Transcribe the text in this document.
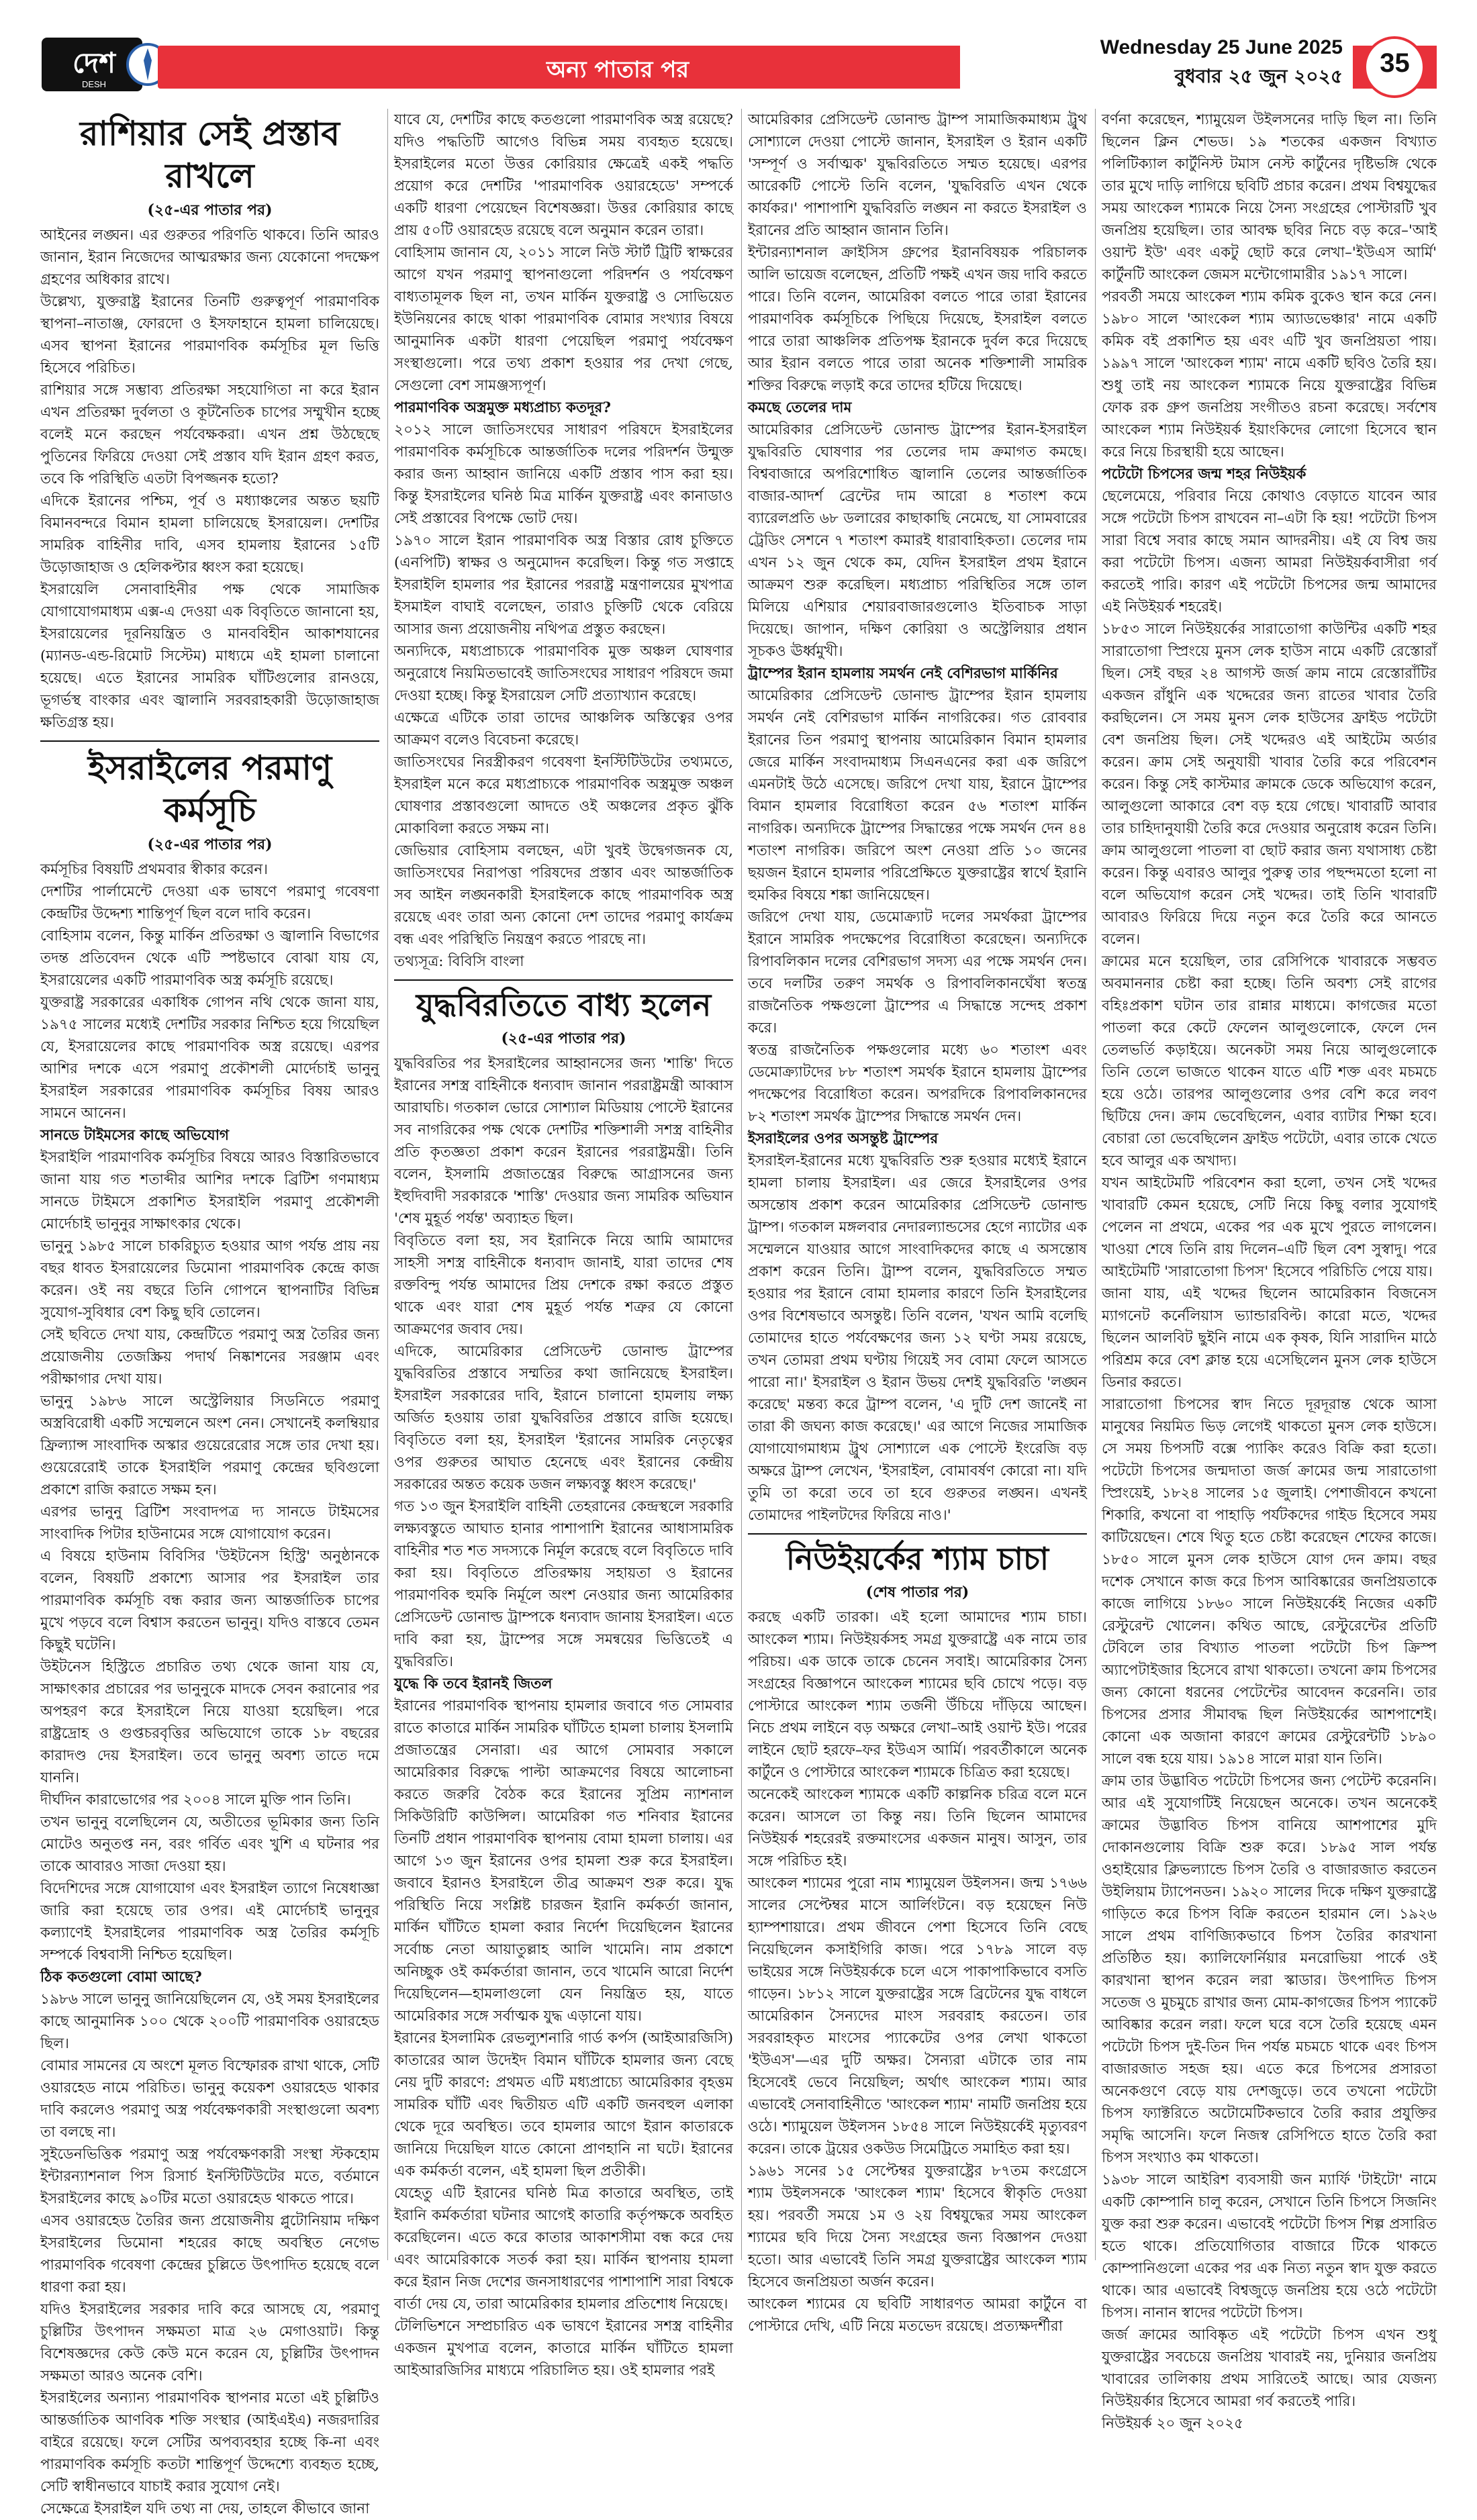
দেশ
DESH
অন্য পাতার পর
Wednesday 25 June 2025
বুধবার ২৫ জুন ২০২৫	35
রাশিয়ার সেই প্রস্তাব রাখলে
(২৫-এর পাতার পর)

আইনের লঙ্ঘন। এর গুরুতর পরিণতি থাকবে। তিনি আরও জানান, ইরান নিজেদের আত্মরক্ষার জন্য যেকোনো পদক্ষেপ গ্রহণের অধিকার রাখে।

উল্লেখ্য, যুক্তরাষ্ট্র ইরানের তিনটি গুরুত্বপূর্ণ পারমাণবিক স্থাপনা–নাতাঞ্জ, ফোরদো ও ইসফাহানে হামলা চালিয়েছে। এসব স্থাপনা ইরানের পারমাণবিক কর্মসূচির মূল ভিত্তি হিসেবে পরিচিত।

রাশিয়ার সঙ্গে সম্ভাব্য প্রতিরক্ষা সহযোগিতা না করে ইরান এখন প্রতিরক্ষা দুর্বলতা ও কূটনৈতিক চাপের সম্মুখীন হচ্ছে বলেই মনে করছেন পর্যবেক্ষকরা। এখন প্রশ্ন উঠছেছে পুতিনের ফিরিয়ে দেওয়া সেই প্রস্তাব যদি ইরান গ্রহণ করত, তবে কি পরিস্থিতি এতটা বিপজ্জনক হতো?

এদিকে ইরানের পশ্চিম, পূর্ব ও মধ্যাঞ্চলের অন্তত ছয়টি বিমানবন্দরে বিমান হামলা চালিয়েছে ইসরায়েল। দেশটির সামরিক বাহিনীর দাবি, এসব হামলায় ইরানের ১৫টি উড়োজাহাজ ও হেলিকপ্টার ধ্বংস করা হয়েছে।

ইসরায়েলি সেনাবাহিনীর পক্ষ থেকে সামাজিক যোগাযোগমাধ্যম এক্স-এ দেওয়া এক বিবৃতিতে জানানো হয়, ইসরায়েলের দূরনিয়ন্ত্রিত ও মানববিহীন আকাশযানের (ম্যানড-এন্ড-রিমোট সিস্টেম) মাধ্যমে এই হামলা চালানো হয়েছে। এতে ইরানের সামরিক ঘাঁটিগুলোর রানওয়ে, ভূগর্ভস্থ বাংকার এবং জ্বালানি সরবরাহকারী উড়োজাহাজ ক্ষতিগ্রস্ত হয়।

ইসরাইলের পরমাণু কর্মসূচি
(২৫-এর পাতার পর)

কর্মসূচির বিষয়টি প্রথমবার স্বীকার করেন।

দেশটির পার্লামেন্টে দেওয়া এক ভাষণে পরমাণু গবেষণা কেন্দ্রটির উদ্দেশ্য শান্তিপূর্ণ ছিল বলে দাবি করেন।

বোহিসাম বলেন, কিন্তু মার্কিন প্রতিরক্ষা ও জ্বালানি বিভাগের তদন্ত প্রতিবেদন থেকে এটি স্পষ্টভাবে বোঝা যায় যে, ইসরায়েলের একটি পারমাণবিক অস্ত্র কর্মসূচি রয়েছে।

যুক্তরাষ্ট্র সরকারের একাধিক গোপন নথি থেকে জানা যায়, ১৯৭৫ সালের মধ্যেই দেশটির সরকার নিশ্চিত হয়ে গিয়েছিল যে, ইসরায়েলের কাছে পারমাণবিক অস্ত্র রয়েছে। এরপর আশির দশকে এসে পরমাণু প্রকৌশলী মোর্দেচাই ভানুনু ইসরাইল সরকারের পারমাণবিক কর্মসূচির বিষয় আরও সামনে আনেন।

সানডে টাইমসের কাছে অভিযোগ

ইসরাইলি পারমাণবিক কর্মসূচির বিষয়ে আরও বিস্তারিতভাবে জানা যায় গত শতাব্দীর আশির দশকে ব্রিটিশ গণমাধ্যম সানডে টাইমসে প্রকাশিত ইসরাইলি পরমাণু প্রকৌশলী মোর্দেচাই ভানুনুর সাক্ষাৎকার থেকে।

ভানুনু ১৯৮৫ সালে চাকরিচ্যুত হওয়ার আগ পর্যন্ত প্রায় নয় বছর ধাবত ইসরায়েলের ডিমোনা পারমাণবিক কেন্দ্রে কাজ করেন। ওই নয় বছরে তিনি গোপনে স্থাপনাটির বিভিন্ন সুযোগ-সুবিধার বেশ কিছু ছবি তোলেন।

সেই ছবিতে দেখা যায়, কেন্দ্রটিতে পরমাণু অস্ত্র তৈরির জন্য প্রয়োজনীয় তেজস্ক্রিয় পদার্থ নিষ্কাশনের সরঞ্জাম এবং পরীক্ষাগার দেখা যায়।

ভানুনু ১৯৮৬ সালে অস্ট্রেলিয়ার সিডনিতে পরমাণু অস্ত্রবিরোধী একটি সম্মেলনে অংশ নেন। সেখানেই কলম্বিয়ার ফ্রিল্যান্স সাংবাদিক অস্কার গুয়েরেরোর সঙ্গে তার দেখা হয়। গুয়েরেরোই তাকে ইসরাইলি পরমাণু কেন্দ্রের ছবিগুলো প্রকাশে রাজি করাতে সক্ষম হন।

এরপর ভানুনু ব্রিটিশ সংবাদপত্র দ্য সানডে টাইমসের সাংবাদিক পিটার হাউনামের সঙ্গে যোগাযোগ করেন।

এ বিষয়ে হাউনাম বিবিসির 'উইটনেস হিস্ট্রি' অনুষ্ঠানকে বলেন, বিষয়টি প্রকাশ্যে আসার পর ইসরাইল তার পারমাণবিক কর্মসূচি বন্ধ করার জন্য আন্তর্জাতিক চাপের মুখে পড়বে বলে বিশ্বাস করতেন ভানুনু। যদিও বাস্তবে তেমন কিছুই ঘটেনি।

উইটনেস হিস্ট্রিতে প্রচারিত তথ্য থেকে জানা যায় যে, সাক্ষাৎকার প্রচারের পর ভানুনুকে মাদকে সেবন করানোর পর অপহরণ করে ইসরাইলে নিয়ে যাওয়া হয়েছিল। পরে রাষ্ট্রদ্রোহ ও গুপ্তচরবৃত্তির অভিযোগে তাকে ১৮ বছরের কারাদণ্ড দেয় ইসরাইল। তবে ভানুনু অবশ্য তাতে দমে যাননি।

দীর্ঘদিন কারাভোগের পর ২০০৪ সালে মুক্তি পান তিনি।

তখন ভানুনু বলেছিলেন যে, অতীতের ভূমিকার জন্য তিনি মোটেও অনুতপ্ত নন, বরং গর্বিত এবং খুশি এ ঘটনার পর তাকে আবারও সাজা দেওয়া হয়।

বিদেশিদের সঙ্গে যোগাযোগ এবং ইসরাইল ত্যাগে নিষেধাজ্ঞা জারি করা হয়েছে তার ওপর। এই মোর্দেচাই ভানুনুর কল্যাণেই ইসরাইলের পারমাণবিক অস্ত্র তৈরির কর্মসূচি সম্পর্কে বিশ্ববাসী নিশ্চিত হয়েছিল।

ঠিক কতগুলো বোমা আছে?

১৯৮৬ সালে ভানুনু জানিয়েছিলেন যে, ওই সময় ইসরাইলের কাছে আনুমানিক ১০০ থেকে ২০০টি পারমাণবিক ওয়ারহেড ছিল।

বোমার সামনের যে অংশে মূলত বিস্ফোরক রাখা থাকে, সেটি ওয়ারহেড নামে পরিচিত। ভানুনু কয়েকশ ওয়ারহেড থাকার দাবি করলেও পরমাণু অস্ত্র পর্যবেক্ষণকারী সংস্থাগুলো অবশ্য তা বলছে না।

সুইডেনভিত্তিক পরমাণু অস্ত্র পর্যবেক্ষণকারী সংস্থা স্টকহোম ইন্টারন্যাশনাল পিস রিসার্চ ইনস্টিটিউটের মতে, বর্তমানে ইসরাইলের কাছে ৯০টির মতো ওয়ারহেড থাকতে পারে।

এসব ওয়ারহেড তৈরির জন্য প্রয়োজনীয় প্লুটোনিয়াম দক্ষিণ ইসরাইলের ডিমোনা শহরের কাছে অবস্থিত নেগেভ পারমাণবিক গবেষণা কেন্দ্রের চুল্লিতে উৎপাদিত হয়েছে বলে ধারণা করা হয়।

যদিও ইসরাইলের সরকার দাবি করে আসছে যে, পরমাণু চুল্লিটির উৎপাদন সক্ষমতা মাত্র ২৬ মেগাওয়াট। কিন্তু বিশেষজ্ঞদের কেউ কেউ মনে করেন যে, চুল্লিটির উৎপাদন সক্ষমতা আরও অনেক বেশি।

ইসরাইলের অন্যান্য পারমাণবিক স্থাপনার মতো এই চুল্লিটিও আন্তর্জাতিক আণবিক শক্তি সংস্থার (আইএইএ) নজরদারির বাইরে রয়েছে। ফলে সেটির অপব্যবহার হচ্ছে কি-না এবং পারমাণবিক কর্মসূচি কতটা শান্তিপূর্ণ উদ্দেশ্যে ব্যবহৃত হচ্ছে, সেটি স্বাধীনভাবে যাচাই করার সুযোগ নেই।

সেক্ষেত্রে ইসরাইল যদি তথ্য না দেয়, তাহলে কীভাবে জানা

যাবে যে, দেশটির কাছে কতগুলো পারমাণবিক অস্ত্র রয়েছে? যদিও পদ্ধতিটি আগেও বিভিন্ন সময় ব্যবহৃত হয়েছে। ইসরাইলের মতো উত্তর কোরিয়ার ক্ষেত্রেই একই পদ্ধতি প্রয়োগ করে দেশটির 'পারমাণবিক ওয়ারহেডে' সম্পর্কে একটি ধারণা পেয়েছেন বিশেষজ্ঞরা। উত্তর কোরিয়ার কাছে প্রায় ৫০টি ওয়ারহেড রয়েছে বলে অনুমান করেন তারা।

বোহিসাম জানান যে, ২০১১ সালে নিউ স্টার্ট ট্রিটি স্বাক্ষরের আগে যখন পরমাণু স্থাপনাগুলো পরিদর্শন ও পর্যবেক্ষণ বাধ্যতামূলক ছিল না, তখন মার্কিন যুক্তরাষ্ট্র ও সোভিয়েত ইউনিয়নের কাছে থাকা পারমাণবিক বোমার সংখ্যার বিষয়ে আনুমানিক একটা ধারণা পেয়েছিল পরমাণু পর্যবেক্ষণ সংস্থাগুলো। পরে তথ্য প্রকাশ হওয়ার পর দেখা গেছে, সেগুলো বেশ সামঞ্জস্যপূর্ণ।

পারমাণবিক অস্ত্রমুক্ত মধ্যপ্রাচ্য কতদূর?

২০১২ সালে জাতিসংঘের সাধারণ পরিষদে ইসরাইলের পারমাণবিক কর্মসূচিকে আন্তর্জাতিক দলের পরিদর্শন উন্মুক্ত করার জন্য আহ্বান জানিয়ে একটি প্রস্তাব পাস করা হয়। কিন্তু ইসরাইলের ঘনিষ্ঠ মিত্র মার্কিন যুক্তরাষ্ট্র এবং কানাডাও সেই প্রস্তাবের বিপক্ষে ভোট দেয়।

১৯৭০ সালে ইরান পারমাণবিক অস্ত্র বিস্তার রোধ চুক্তিতে (এনপিটি) স্বাক্ষর ও অনুমোদন করেছিল। কিন্তু গত সপ্তাহে ইসরাইলি হামলার পর ইরানের পররাষ্ট্র মন্ত্রণালয়ের মুখপাত্র ইসমাইল বাঘাই বলেছেন, তারাও চুক্তিটি থেকে বেরিয়ে আসার জন্য প্রয়োজনীয় নথিপত্র প্রস্তুত করছেন।

অন্যদিকে, মধ্যপ্রাচ্যকে পারমাণবিক মুক্ত অঞ্চল ঘোষণার অনুরোধে নিয়মিতভাবেই জাতিসংঘের সাধারণ পরিষদে জমা দেওয়া হচ্ছে। কিন্তু ইসরায়েল সেটি প্রত্যাখ্যান করেছে।

এক্ষেত্রে এটিকে তারা তাদের আঞ্চলিক অস্তিত্বের ওপর আক্রমণ বলেও বিবেচনা করেছে।

জাতিসংঘের নিরস্ত্রীকরণ গবেষণা ইনস্টিটিউটের তথ্যমতে, ইসরাইল মনে করে মধ্যপ্রাচ্যকে পারমাণবিক অস্ত্রমুক্ত অঞ্চল ঘোষণার প্রস্তাবগুলো আদতে ওই অঞ্চলের প্রকৃত ঝুঁকি মোকাবিলা করতে সক্ষম না।

জেভিয়ার বোহিসাম বলছেন, এটা খুবই উদ্বেগজনক যে, জাতিসংঘের নিরাপত্তা পরিষদের প্রস্তাব এবং আন্তর্জাতিক সব আইন লঙ্ঘনকারী ইসরাইলকে কাছে পারমাণবিক অস্ত্র রয়েছে এবং তারা অন্য কোনো দেশ তাদের পরমাণু কার্যক্রম বন্ধ এবং পরিস্থিতি নিয়ন্ত্রণ করতে পারছে না।

তথ্যসূত্র: বিবিসি বাংলা

যুদ্ধবিরতিতে বাধ্য হলেন
(২৫-এর পাতার পর)

যুদ্ধবিরতির পর ইসরাইলের আহ্বানসের জন্য 'শান্তি' দিতে ইরানের সশস্ত্র বাহিনীকে ধন্যবাদ জানান পররাষ্ট্রমন্ত্রী আব্বাস আরাঘচি। গতকাল ভোরে সোশ্যাল মিডিয়ায় পোস্টে ইরানের সব নাগরিকের পক্ষ থেকে দেশটির শক্তিশালী সশস্ত্র বাহিনীর প্রতি কৃতজ্ঞতা প্রকাশ করেন ইরানের পররাষ্ট্রমন্ত্রী। তিনি বলেন, ইসলামি প্রজাতন্ত্রের বিরুদ্ধে আগ্রাসনের জন্য ইহুদিবাদী সরকারকে 'শাস্তি' দেওয়ার জন্য সামরিক অভিযান 'শেষ মুহূর্ত পর্যন্ত' অব্যাহত ছিল।

বিবৃতিতে বলা হয়, সব ইরানিকে নিয়ে আমি আমাদের সাহসী সশস্ত্র বাহিনীকে ধন্যবাদ জানাই, যারা তাদের শেষ রক্তবিন্দু পর্যন্ত আমাদের প্রিয় দেশকে রক্ষা করতে প্রস্তুত থাকে এবং যারা শেষ মুহূর্ত পর্যন্ত শত্রুর যে কোনো আক্রমণের জবাব দেয়।

এদিকে, আমেরিকার প্রেসিডেন্ট ডোনাল্ড ট্রাম্পের যুদ্ধবিরতির প্রস্তাবে সম্মতির কথা জানিয়েছে ইসরাইল। ইসরাইল সরকারের দাবি, ইরানে চালানো হামলায় লক্ষ্য অর্জিত হওয়ায় তারা যুদ্ধবিরতির প্রস্তাবে রাজি হয়েছে। বিবৃতিতে বলা হয়, ইসরাইল 'ইরানের সামরিক নেতৃত্বের ওপর গুরুতর আঘাত হেনেছে এবং ইরানের কেন্দ্রীয় সরকারের অন্তত কয়েক ডজন লক্ষ্যবস্তু ধ্বংস করেছে।'

গত ১৩ জুন ইসরাইলি বাহিনী তেহরানের কেন্দ্রস্থলে সরকারি লক্ষ্যবস্তুতে আঘাত হানার পাশাপাশি ইরানের আধাসামরিক বাহিনীর শত শত সদস্যকে নির্মূল করেছে বলে বিবৃতিতে দাবি করা হয়। বিবৃতিতে প্রতিরক্ষায় সহায়তা ও ইরানের পারমাণবিক হুমকি নির্মূলে অংশ নেওয়ার জন্য আমেরিকার প্রেসিডেন্ট ডোনাল্ড ট্রাম্পকে ধন্যবাদ জানায় ইসরাইল। এতে দাবি করা হয়, ট্রাম্পের সঙ্গে সমন্বয়ের ভিত্তিতেই এ যুদ্ধবিরতি।

যুদ্ধে কি তবে ইরানই জিতল

ইরানের পারমাণবিক স্থাপনায় হামলার জবাবে গত সোমবার রাতে কাতারে মার্কিন সামরিক ঘাঁটিতে হামলা চালায় ইসলামি প্রজাতন্ত্রের সেনারা। এর আগে সোমবার সকালে আমেরিকার বিরুদ্ধে পাল্টা আক্রমণের বিষয়ে আলোচনা করতে জরুরি বৈঠক করে ইরানের সুপ্রিম ন্যাশনাল সিকিউরিটি কাউন্সিল। আমেরিকা গত শনিবার ইরানের তিনটি প্রধান পারমাণবিক স্থাপনায় বোমা হামলা চালায়। এর আগে ১৩ জুন ইরানের ওপর হামলা শুরু করে ইসরাইল। জবাবে ইরানও ইসরাইলে তীব্র আক্রমণ শুরু করে। যুদ্ধ পরিস্থিতি নিয়ে সংশ্লিষ্ট চারজন ইরানি কর্মকর্তা জানান, মার্কিন ঘাঁটিতে হামলা করার নির্দেশ দিয়েছিলেন ইরানের সর্বোচ্চ নেতা আয়াতুল্লাহ আলি খামেনি। নাম প্রকাশে অনিচ্ছুক ওই কর্মকর্তারা জানান, তবে খামেনি আরো নির্দেশ দিয়েছিলেন—হামলাগুলো যেন নিয়ন্ত্রিত হয়, যাতে আমেরিকার সঙ্গে সর্বাত্মক যুদ্ধ এড়ানো যায়।

ইরানের ইসলামিক রেভল্যুশনারি গার্ড কর্পস (আইআরজিসি) কাতারের আল উদেইদ বিমান ঘাঁটিকে হামলার জন্য বেছে নেয় দুটি কারণে: প্রথমত এটি মধ্যপ্রাচ্যে আমেরিকার বৃহত্তম সামরিক ঘাঁটি এবং দ্বিতীয়ত এটি একটি জনবহুল এলাকা থেকে দূরে অবস্থিত। তবে হামলার আগে ইরান কাতারকে জানিয়ে দিয়েছিল যাতে কোনো প্রাণহানি না ঘটে। ইরানের এক কর্মকর্তা বলেন, এই হামলা ছিল প্রতীকী।

যেহেতু এটি ইরানের ঘনিষ্ঠ মিত্র কাতারে অবস্থিত, তাই ইরানি কর্মকর্তারা ঘটনার আগেই কাতারি কর্তৃপক্ষকে অবহিত করেছিলেন। এতে করে কাতার আকাশসীমা বন্ধ করে দেয় এবং আমেরিকাকে সতর্ক করা হয়। মার্কিন স্থাপনায় হামলা করে ইরান নিজ দেশের জনসাধারণের পাশাপাশি সারা বিশ্বকে বার্তা দেয় যে, তারা আমেরিকার হামলার প্রতিশোধ নিয়েছে।

টেলিভিশনে সম্প্রচারিত এক ভাষণে ইরানের সশস্ত্র বাহিনীর একজন মুখপাত্র বলেন, কাতারে মার্কিন ঘাঁটিতে হামলা আইআরজিসির মাধ্যমে পরিচালিত হয়। ওই হামলার পরই

আমেরিকার প্রেসিডেন্ট ডোনাল্ড ট্রাম্প সামাজিকমাধ্যম ট্রুথ সোশ্যালে দেওয়া পোস্টে জানান, ইসরাইল ও ইরান একটি 'সম্পূর্ণ ও সর্বাত্মক' যুদ্ধবিরতিতে সম্মত হয়েছে। এরপর আরেকটি পোস্টে তিনি বলেন, 'যুদ্ধবিরতি এখন থেকে কার্যকর।' পাশাপাশি যুদ্ধবিরতি লঙ্ঘন না করতে ইসরাইল ও ইরানের প্রতি আহ্বান জানান তিনি।

ইন্টারন্যাশনাল ক্রাইসিস গ্রুপের ইরানবিষয়ক পরিচালক আলি ভায়েজ বলেছেন, প্রতিটি পক্ষই এখন জয় দাবি করতে পারে। তিনি বলেন, আমেরিকা বলতে পারে তারা ইরানের পারমাণবিক কর্মসূচিকে পিছিয়ে দিয়েছে, ইসরাইল বলতে পারে তারা আঞ্চলিক প্রতিপক্ষ ইরানকে দুর্বল করে দিয়েছে আর ইরান বলতে পারে তারা অনেক শক্তিশালী সামরিক শক্তির বিরুদ্ধে লড়াই করে তাদের হটিয়ে দিয়েছে।

কমছে তেলের দাম

আমেরিকার প্রেসিডেন্ট ডোনাল্ড ট্রাম্পের ইরান-ইসরাইল যুদ্ধবিরতি ঘোষণার পর তেলের দাম ক্রমাগত কমছে। বিশ্ববাজারে অপরিশোধিত জ্বালানি তেলের আন্তর্জাতিক বাজার-আদর্শ ব্রেন্টের দাম আরো ৪ শতাংশ কমে ব্যারেলপ্রতি ৬৮ ডলারের কাছাকাছি নেমেছে, যা সোমবারের ট্রেডিং সেশনে ৭ শতাংশ কমারই ধারাবাহিকতা। তেলের দাম এখন ১২ জুন থেকে কম, যেদিন ইসরাইল প্রথম ইরানে আক্রমণ শুরু করেছিল। মধ্যপ্রাচ্য পরিস্থিতির সঙ্গে তাল মিলিয়ে এশিয়ার শেয়ারবাজারগুলোও ইতিবাচক সাড়া দিয়েছে। জাপান, দক্ষিণ কোরিয়া ও অস্ট্রেলিয়ার প্রধান সূচকও ঊর্ধ্বমুখী।

ট্রাম্পের ইরান হামলায় সমর্থন নেই বেশিরভাগ মার্কিনির

আমেরিকার প্রেসিডেন্ট ডোনাল্ড ট্রাম্পের ইরান হামলায় সমর্থন নেই বেশিরভাগ মার্কিন নাগরিকের। গত রোববার ইরানের তিন পরমাণু স্থাপনায় আমেরিকান বিমান হামলার জেরে মার্কিন সংবাদমাধ্যম সিএনএনের করা এক জরিপে এমনটাই উঠে এসেছে। জরিপে দেখা যায়, ইরানে ট্রাম্পের বিমান হামলার বিরোধিতা করেন ৫৬ শতাংশ মার্কিন নাগরিক। অন্যদিকে ট্রাম্পের সিদ্ধান্তের পক্ষে সমর্থন দেন ৪৪ শতাংশ নাগরিক। জরিপে অংশ নেওয়া প্রতি ১০ জনের ছয়জন ইরানে হামলার পরিপ্রেক্ষিতে যুক্তরাষ্ট্রের স্বার্থে ইরানি হুমকির বিষয়ে শঙ্কা জানিয়েছেন।

জরিপে দেখা যায়, ডেমোক্র্যাট দলের সমর্থকরা ট্রাম্পের ইরানে সামরিক পদক্ষেপের বিরোধিতা করেছেন। অন্যদিকে রিপাবলিকান দলের বেশিরভাগ সদস্য এর পক্ষে সমর্থন দেন। তবে দলটির তরুণ সমর্থক ও রিপাবলিকানঘেঁষা স্বতন্ত্র রাজনৈতিক পক্ষগুলো ট্রাম্পের এ সিদ্ধান্তে সন্দেহ প্রকাশ করে।

স্বতন্ত্র রাজনৈতিক পক্ষগুলোর মধ্যে ৬০ শতাংশ এবং ডেমোক্র্যাটদের ৮৮ শতাংশ সমর্থক ইরানে হামলায় ট্রাম্পের পদক্ষেপের বিরোধিতা করেন। অপরদিকে রিপাবলিকানদের ৮২ শতাংশ সমর্থক ট্রাম্পের সিদ্ধান্তে সমর্থন দেন।

ইসরাইলের ওপর অসন্তুষ্ট ট্রাম্পের

ইসরাইল-ইরানের মধ্যে যুদ্ধবিরতি শুরু হওয়ার মধ্যেই ইরানে হামলা চালায় ইসরাইল। এর জেরে ইসরাইলের ওপর অসন্তোষ প্রকাশ করেন আমেরিকার প্রেসিডেন্ট ডোনাল্ড ট্রাম্প। গতকাল মঙ্গলবার নেদারল্যান্ডসের হেগে ন্যাটোর এক সম্মেলনে যাওয়ার আগে সাংবাদিকদের কাছে এ অসন্তোষ প্রকাশ করেন তিনি। ট্রাম্প বলেন, যুদ্ধবিরতিতে সম্মত হওয়ার পর ইরানে বোমা হামলার কারণে তিনি ইসরাইলের ওপর বিশেষভাবে অসন্তুষ্ট। তিনি বলেন, 'যখন আমি বলেছি তোমাদের হাতে পর্যবেক্ষণের জন্য ১২ ঘণ্টা সময় রয়েছে, তখন তোমরা প্রথম ঘণ্টায় গিয়েই সব বোমা ফেলে আসতে পারো না।' ইসরাইল ও ইরান উভয় দেশই যুদ্ধবিরতি 'লঙ্ঘন করেছে' মন্তব্য করে ট্রাম্প বলেন, 'এ দুটি দেশ জানেই না তারা কী জঘন্য কাজ করেছে।' এর আগে নিজের সামাজিক যোগাযোগমাধ্যম ট্রুথ সোশ্যালে এক পোস্টে ইংরেজি বড় অক্ষরে ট্রাম্প লেখেন, 'ইসরাইল, বোমাবর্ষণ কোরো না। যদি তুমি তা করো তবে তা হবে গুরুতর লঙ্ঘন। এখনই তোমাদের পাইলটদের ফিরিয়ে নাও।'

নিউইয়র্কের শ্যাম চাচা
(শেষ পাতার পর)

করছে একটি তারকা। এই হলো আমাদের শ্যাম চাচা। আংকেল শ্যাম। নিউইয়র্কসহ সমগ্র যুক্তরাষ্ট্রে এক নামে তার পরিচয়। এক ডাকে তাকে চেনেন সবাই। আমেরিকার সৈন্য সংগ্রহের বিজ্ঞাপনে আংকেল শ্যামের ছবি চোখে পড়ে। বড় পোস্টারে আংকেল শ্যাম তর্জনী উঁচিয়ে দাঁড়িয়ে আছেন। নিচে প্রথম লাইনে বড় অক্ষরে লেখা–আই ওয়ান্ট ইউ। পরের লাইনে ছোট হরফে–ফর ইউএস আর্মি। পরবর্তীকালে অনেক কার্টুনে ও পোস্টারে আংকেল শ্যামকে চিত্রিত করা হয়েছে।

অনেকেই আংকেল শ্যামকে একটি কাল্পনিক চরিত্র বলে মনে করেন। আসলে তা কিন্তু নয়। তিনি ছিলেন আমাদের নিউইয়র্ক শহরেরই রক্তমাংসের একজন মানুষ। আসুন, তার সঙ্গে পরিচিত হই।

আংকেল শ্যামের পুরো নাম শ্যামুয়েল উইলসন। জন্ম ১৭৬৬ সালের সেপ্টেম্বর মাসে আর্লিংটনে। বড় হয়েছেন নিউ হ্যাম্পশায়ারে। প্রথম জীবনে পেশা হিসেবে তিনি বেছে নিয়েছিলেন কসাইগিরি কাজ। পরে ১৭৮৯ সালে বড় ভাইয়ের সঙ্গে নিউইয়র্ককে চলে এসে পাকাপাকিভাবে বসতি গাড়েন। ১৮১২ সালে যুক্তরাষ্ট্রের সঙ্গে ব্রিটেনের যুদ্ধ বাধলে আমেরিকান সৈন্যদের মাংস সরবরাহ করতেন। তার সরবরাহকৃত মাংসের প্যাকেটের ওপর লেখা থাকতো 'ইউএস'—এর দুটি অক্ষর। সৈন্যরা এটাকে তার নাম হিসেবেই ভেবে নিয়েছিল; অর্থাৎ আংকেল শ্যাম। আর এভাবেই সেনাবাহিনীতে 'আংকেল শ্যাম' নামটি জনপ্রিয় হয়ে ওঠে। শ্যামুয়েল উইলসন ১৮৫৪ সালে নিউইয়র্কেই মৃত্যুবরণ করেন। তাকে ট্রয়ের ওকউড সিমেট্রিতে সমাহিত করা হয়।

১৯৬১ সনের ১৫ সেপ্টেম্বর যুক্তরাষ্ট্রের ৮৭তম কংগ্রেসে শ্যাম উইলসনকে 'আংকেল শ্যাম' হিসেবে স্বীকৃতি দেওয়া হয়। পরবর্তী সময়ে ১ম ও ২য় বিশ্বযুদ্ধের সময় আংকেল শ্যামের ছবি দিয়ে সৈন্য সংগ্রহের জন্য বিজ্ঞাপন দেওয়া হতো। আর এভাবেই তিনি সমগ্র যুক্তরাষ্ট্রের আংকেল শ্যাম হিসেবে জনপ্রিয়তা অর্জন করেন।

আংকেল শ্যামের যে ছবিটি সাধারণত আমরা কার্টুনে বা পোস্টারে দেখি, এটি নিয়ে মতভেদ রয়েছে। প্রত্যক্ষদর্শীরা

বর্ণনা করেছেন, শ্যামুয়েল উইলসনের দাড়ি ছিল না। তিনি ছিলেন ক্লিন শেভড। ১৯ শতকের একজন বিখ্যাত পলিটিক্যাল কার্টুনিস্ট টমাস নেস্ট কার্টুনের দৃষ্টিভঙ্গি থেকে তার মুখে দাড়ি লাগিয়ে ছবিটি প্রচার করেন। প্রথম বিশ্বযুদ্ধের সময় আংকেল শ্যামকে নিয়ে সৈন্য সংগ্রহের পোস্টারটি খুব জনপ্রিয় হয়েছিল। তার আবক্ষ ছবির নিচে বড় করে–'আই ওয়ান্ট ইউ' এবং একটু ছোট করে লেখা–'ইউএস আর্মি' কার্টুনটি আংকেল জেমস মন্টোগোমারীর ১৯১৭ সালে।

পরবর্তী সময়ে আংকেল শ্যাম কমিক বুকেও স্থান করে নেন। ১৯৮০ সালে 'আংকেল শ্যাম অ্যাডভেঞ্চার' নামে একটি কমিক বই প্রকাশিত হয় এবং এটি খুব জনপ্রিয়তা পায়। ১৯৯৭ সালে 'আংকেল শ্যাম' নামে একটি ছবিও তৈরি হয়। শুধু তাই নয় আংকেল শ্যামকে নিয়ে যুক্তরাষ্ট্রের বিভিন্ন ফোক রক গ্রুপ জনপ্রিয় সংগীতও রচনা করেছে। সর্বশেষ আংকেল শ্যাম নিউইয়র্ক ইয়াংকিদের লোগো হিসেবে স্থান করে নিয়ে চিরস্থায়ী হয়ে আছেন।

পটেটো চিপসের জন্ম শহর নিউইয়র্ক

ছেলেমেয়ে, পরিবার নিয়ে কোথাও বেড়াতে যাবেন আর সঙ্গে পটেটো চিপস রাখবেন না–এটা কি হয়! পটেটো চিপস সারা বিশ্বে সবার কাছে সমান আদরনীয়। এই যে বিশ্ব জয় করা পটেটো চিপস। এজন্য আমরা নিউইয়র্কবাসীরা গর্ব করতেই পারি। কারণ এই পটেটো চিপসের জন্ম আমাদের এই নিউইয়র্ক শহরেই।

১৮৫৩ সালে নিউইয়র্কের সারাতোগা কাউন্টির একটি শহর সারাতোগা স্প্রিংয়ে মুনস লেক হাউস নামে একটি রেস্তোরাঁ ছিল। সেই বছর ২৪ আগস্ট জর্জ ক্রাম নামে রেস্তোরাঁটির একজন রাঁধুনি এক খদ্দেরের জন্য রাতের খাবার তৈরি করছিলেন। সে সময় মুনস লেক হাউসের ফ্রাইড পটেটো বেশ জনপ্রিয় ছিল। সেই খদ্দেরও এই আইটেম অর্ডার করেন। ক্রাম সেই অনুযায়ী খাবার তৈরি করে পরিবেশন করেন। কিন্তু সেই কাস্টমার ক্রামকে ডেকে অভিযোগ করেন, আলুগুলো আকারে বেশ বড় হয়ে গেছে। খাবারটি আবার তার চাহিদানুযায়ী তৈরি করে দেওয়ার অনুরোধ করেন তিনি। ক্রাম আলুগুলো পাতলা বা ছোট করার জন্য যথাসাধ্য চেষ্টা করেন। কিন্তু এবারও আলুর পুরুত্ব তার পছন্দমতো হলো না বলে অভিযোগ করেন সেই খদ্দের। তাই তিনি খাবারটি আবারও ফিরিয়ে দিয়ে নতুন করে তৈরি করে আনতে বলেন।

ক্রামের মনে হয়েছিল, তার রেসিপিকে খাবারকে সম্ভবত অবমাননার চেষ্টা করা হচ্ছে। তিনি অবশ্য সেই রাগের বহিঃপ্রকাশ ঘটান তার রান্নার মাধ্যমে। কাগজের মতো পাতলা করে কেটে ফেলেন আলুগুলোকে, ফেলে দেন তেলভর্তি কড়াইয়ে। অনেকটা সময় নিয়ে আলুগুলোকে তিনি তেলে ভাজতে থাকেন যাতে এটি শক্ত এবং মচমচে হয়ে ওঠে। তারপর আলুগুলোর ওপর বেশি করে লবণ ছিটিয়ে দেন। ক্রাম ভেবেছিলেন, এবার ব্যাটার শিক্ষা হবে। বেচারা তো ভেবেছিলেন ফ্রাইড পটেটো, এবার তাকে খেতে হবে আলুর এক অখাদ্য।

যখন আইটেমটি পরিবেশন করা হলো, তখন সেই খদ্দের খাবারটি কেমন হয়েছে, সেটি নিয়ে কিছু বলার সুযোগই পেলেন না প্রথমে, একের পর এক মুখে পুরতে লাগলেন। খাওয়া শেষে তিনি রায় দিলেন–এটি ছিল বেশ সুস্বাদু। পরে আইটেমটি 'সারাতোগা চিপস' হিসেবে পরিচিতি পেয়ে যায়।

জানা যায়, এই খদ্দের ছিলেন আমেরিকান বিজনেস ম্যাগনেট কর্নেলিয়াস ভ্যান্ডারবিল্ট। কারো মতে, খদ্দের ছিলেন আলবিট ছুইনি নামে এক কৃষক, যিনি সারাদিন মাঠে পরিশ্রম করে বেশ ক্লান্ত হয়ে এসেছিলেন মুনস লেক হাউসে ডিনার করতে।

সারাতোগা চিপসের স্বাদ নিতে দূরদূরান্ত থেকে আসা মানুষের নিয়মিত ভিড় লেগেই থাকতো মুনস লেক হাউসে। সে সময় চিপসটি বক্সে প্যাকিং করেও বিক্রি করা হতো। পটেটো চিপসের জন্মদাতা জর্জ ক্রামের জন্ম সারাতোগা স্প্রিংয়েই, ১৮২৪ সালের ১৫ জুলাই। পেশাজীবনে কখনো শিকারি, কখনো বা পাহাড়ি পর্যটকদের গাইড হিসেবে সময় কাটিয়েছেন। শেষে থিতু হতে চেষ্টা করেছেন শেফের কাজে। ১৮৫০ সালে মুনস লেক হাউসে যোগ দেন ক্রাম। বছর দশেক সেখানে কাজ করে চিপস আবিষ্কারের জনপ্রিয়তাকে কাজে লাগিয়ে ১৮৬০ সালে নিউইয়র্কেই নিজের একটি রেস্টুরেন্ট খোলেন। কথিত আছে, রেস্টুরেন্টের প্রতিটি টেবিলে তার বিখ্যাত পাতলা পটেটো চিপ ক্রিস্প অ্যাপেটাইজার হিসেবে রাখা থাকতো। তখনো ক্রাম চিপসের জন্য কোনো ধরনের পেটেন্টের আবেদন করেননি। তার চিপসের প্রসার সীমাবদ্ধ ছিল নিউইয়র্কের আশপাশেই। কোনো এক অজানা কারণে ক্রামের রেস্টুরেন্টটি ১৮৯০ সালে বন্ধ হয়ে যায়। ১৯১৪ সালে মারা যান তিনি।

ক্রাম তার উদ্ভাবিত পটেটো চিপসের জন্য পেটেন্ট করেননি। আর এই সুযোগটিই নিয়েছেন অনেকে। তখন অনেকেই ক্রামের উদ্ভাবিত চিপস বানিয়ে আশপাশের মুদি দোকানগুলোয় বিক্রি শুরু করে। ১৮৯৫ সাল পর্যন্ত ওহাইয়োর ক্লিভল্যান্ডে চিপস তৈরি ও বাজারজাত করতেন উইলিয়াম ট্যাপেনডন। ১৯২০ সালের দিকে দক্ষিণ যুক্তরাষ্ট্রে গাড়িতে করে চিপস বিক্রি করতেন হারমান লে। ১৯২৬ সালে প্রথম বাণিজ্যিকভাবে চিপস তৈরির কারখানা প্রতিষ্ঠিত হয়। ক্যালিফোর্নিয়ার মনরোভিয়া পার্কে ওই কারখানা স্থাপন করেন লরা স্কাডার। উৎপাদিত চিপস সতেজ ও মুচমুচে রাখার জন্য মোম-কাগজের চিপস প্যাকেট আবিষ্কার করেন লরা। ফলে ঘরে বসে তৈরি হয়েছে এমন পটেটো চিপস দুই-তিন দিন পর্যন্ত মচমচে থাকে এবং চিপস বাজারজাত সহজ হয়। এতে করে চিপসের প্রসারতা অনেকগুণে বেড়ে যায় দেশজুড়ে। তবে তখনো পটেটো চিপস ফ্যাক্টরিতে অটোমেটিকভাবে তৈরি করার প্রযুক্তির সমৃদ্ধি আসেনি। ফলে নিজস্ব রেসিপিতে হাতে তৈরি করা চিপস সংখ্যাও কম থাকতো।

১৯৩৮ সালে আইরিশ ব্যবসায়ী জন ম্যার্ফি 'টাইটো' নামে একটি কোম্পানি চালু করেন, সেখানে তিনি চিপসে সিজনিং যুক্ত করা শুরু করেন। এভাবেই পটেটো চিপস শিল্প প্রসারিত হতে থাকে। প্রতিযোগিতার বাজারে টিকে থাকতে কোম্পানিগুলো একের পর এক নিত্য নতুন স্বাদ যুক্ত করতে থাকে। আর এভাবেই বিশ্বজুড়ে জনপ্রিয় হয়ে ওঠে পটেটো চিপস। নানান স্বাদের পটেটো চিপস।

জর্জ ক্রামের আবিষ্কৃত এই পটেটো চিপস এখন শুধু যুক্তরাষ্ট্রের সবচেয়ে জনপ্রিয় খাবারই নয়, দুনিয়ার জনপ্রিয় খাবারের তালিকায় প্রথম সারিতেই আছে। আর যেজন্য নিউইয়র্কার হিসেবে আমরা গর্ব করতেই পারি।

নিউইয়র্ক ২০ জুন ২০২৫
